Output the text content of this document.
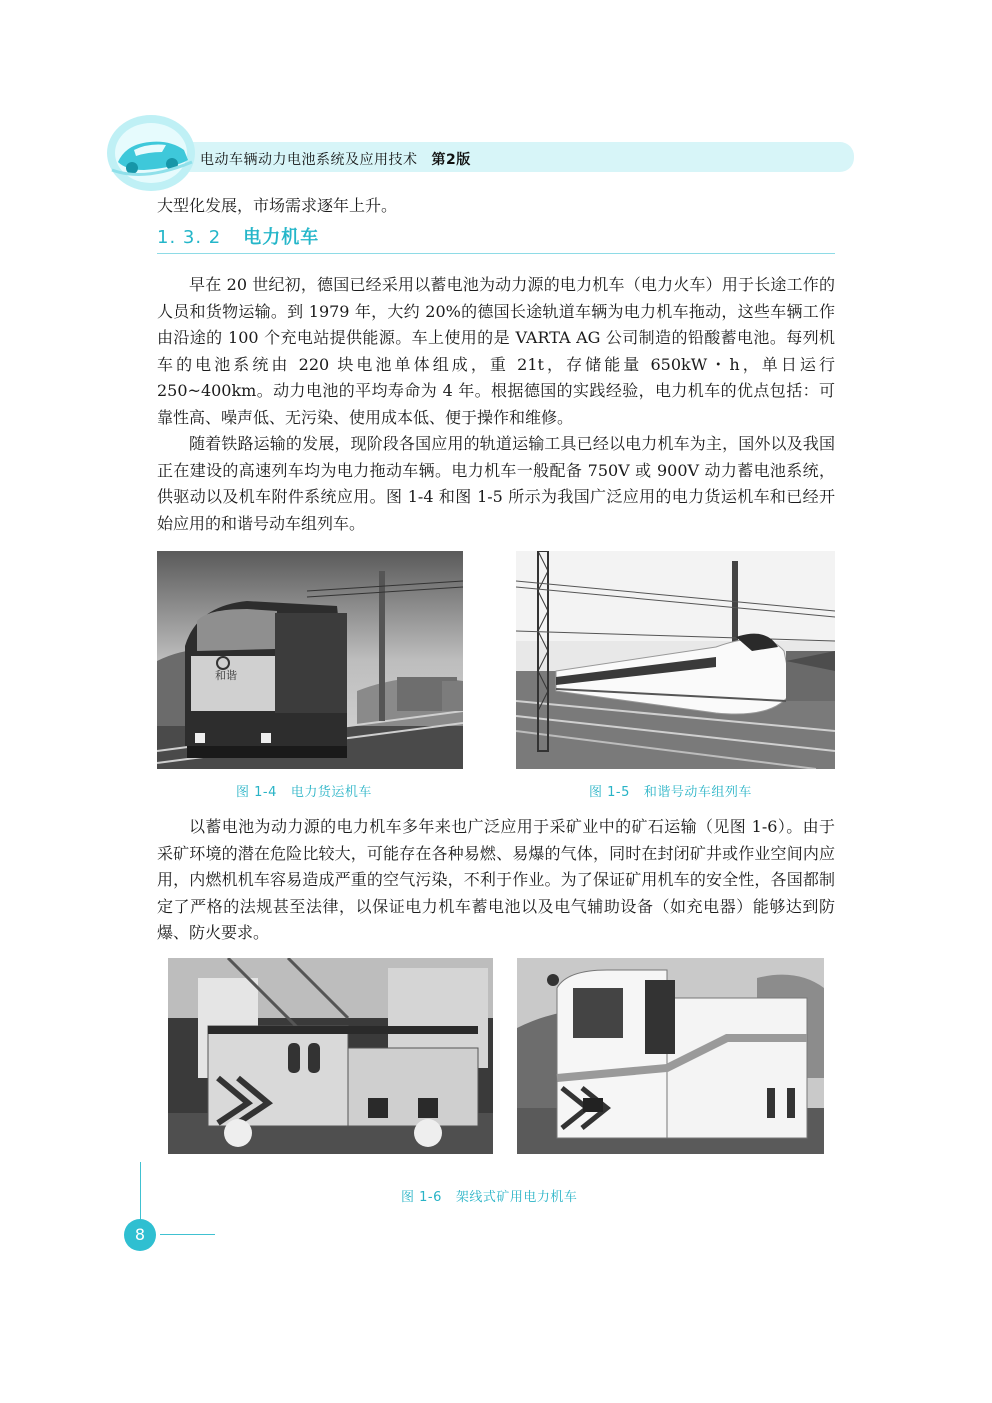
电动车辆动力电池系统及应用技术 第2版
大型化发展，市场需求逐年上升。
1. 3. 2 电力机车

早在 20 世纪初，德国已经采用以蓄电池为动力源的电力机车（电力火车）用于长途工作的人员和货物运输。到 1979 年，大约 20%的德国长途轨道车辆为电力机车拖动，这些车辆工作由沿途的 100 个充电站提供能源。车上使用的是 VARTA AG 公司制造的铅酸蓄电池。每列机车的电池系统由 220 块电池单体组成，重 21t，存储能量 650kW・h，单日运行 250~400km。动力电池的平均寿命为 4 年。根据德国的实践经验，电力机车的优点包括：可靠性高、噪声低、无污染、使用成本低、便于操作和维修。

随着铁路运输的发展，现阶段各国应用的轨道运输工具已经以电力机车为主，国外以及我国正在建设的高速列车均为电力拖动车辆。电力机车一般配备 750V 或 900V 动力蓄电池系统，供驱动以及机车附件系统应用。图 1-4 和图 1-5 所示为我国广泛应用的电力货运机车和已经开始应用的和谐号动车组列车。

和谐
图 1-4 电力货运机车	图 1-5 和谐号动车组列车

以蓄电池为动力源的电力机车多年来也广泛应用于采矿业中的矿石运输（见图 1-6）。由于采矿环境的潜在危险比较大，可能存在各种易燃、易爆的气体，同时在封闭矿井或作业空间内应用，内燃机机车容易造成严重的空气污染，不利于作业。为了保证矿用机车的安全性，各国都制定了严格的法规甚至法律，以保证电力机车蓄电池以及电气辅助设备（如充电器）能够达到防爆、防火要求。

图 1-6 架线式矿用电力机车
8
